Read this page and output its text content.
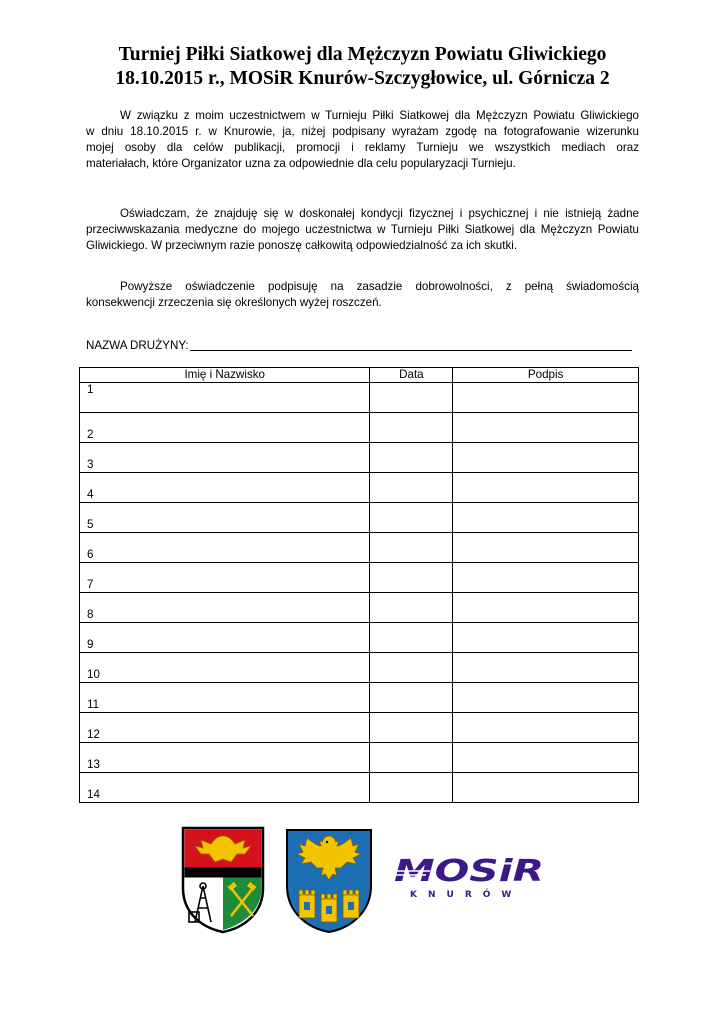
Turniej Piłki Siatkowej dla Mężczyzn Powiatu Gliwickiego
18.10.2015 r., MOSiR Knurów-Szczygłowice, ul. Górnicza 2
W związku z moim uczestnictwem w Turnieju Piłki Siatkowej dla Mężczyzn Powiatu Gliwickiego
w dniu 18.10.2015 r. w Knurowie, ja, niżej podpisany wyrażam zgodę na fotografowanie wizerunku
mojej osoby dla celów publikacji, promocji i reklamy Turnieju we wszystkich mediach oraz
materiałach, które Organizator uzna za odpowiednie dla celu popularyzacji Turnieju.
Oświadczam, że znajduję się w doskonałej kondycji fizycznej i psychicznej i nie istnieją żadne
przeciwwskazania medyczne do mojego uczestnictwa w Turnieju Piłki Siatkowej dla Mężczyzn Powiatu
Gliwickiego. W przeciwnym razie ponoszę całkowitą odpowiedzialność za ich skutki.
Powyższe oświadczenie podpisuję na zasadzie dobrowolności, z pełną świadomością
konsekwencji zrzeczenia się określonych wyżej roszczeń.
NAZWA DRUŻYNY:
Imię i Nazwisko	Data	Podpis
1		
2		
3		
4		
5		
6		
7		
8		
9		
10		
11		
12		
13		
14		
MOSiR
KNURÓW
